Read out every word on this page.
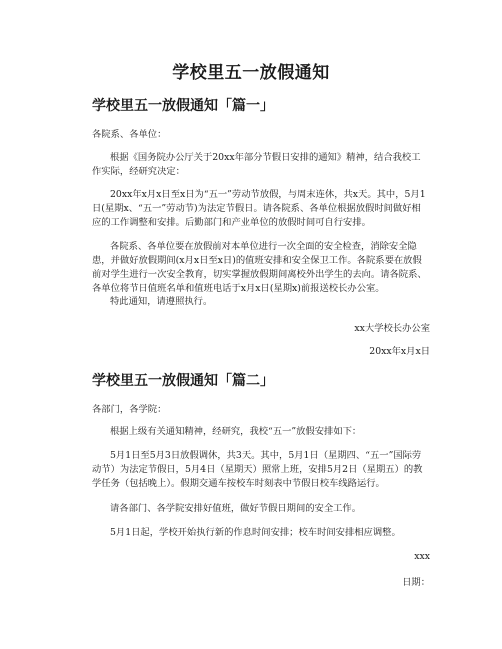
学校里五一放假通知
学校里五一放假通知「篇一」
各院系、各单位：
根据《国务院办公厅关于20xx年部分节假日安排的通知》精神，结合我校工作实际，经研究决定：
20xx年x月x日至x日为“五一”劳动节放假，与周末连休，共x天。其中，5月1日(星期x、“五一”劳动节)为法定节假日。请各院系、各单位根据放假时间做好相应的工作调整和安排。后勤部门和产业单位的放假时间可自行安排。
各院系、各单位要在放假前对本单位进行一次全面的安全检查，消除安全隐患，并做好放假期间(x月x日至x日)的值班安排和安全保卫工作。各院系要在放假前对学生进行一次安全教育，切实掌握放假期间离校外出学生的去向。请各院系、各单位将节日值班名单和值班电话于x月x日(星期x)前报送校长办公室。
特此通知，请遵照执行。
xx大学校长办公室
20xx年x月x日
学校里五一放假通知「篇二」
各部门，各学院：
根据上级有关通知精神，经研究，我校“五一”放假安排如下：
5月1日至5月3日放假调休，共3天。其中，5月1日（星期四、“五一”国际劳动节）为法定节假日，5月4日（星期天）照常上班，安排5月2日（星期五）的教学任务（包括晚上）。假期交通车按校车时刻表中节假日校车线路运行。
请各部门、各学院安排好值班，做好节假日期间的安全工作。
5月1日起，学校开始执行新的作息时间安排；校车时间安排相应调整。
xxx
日期：
